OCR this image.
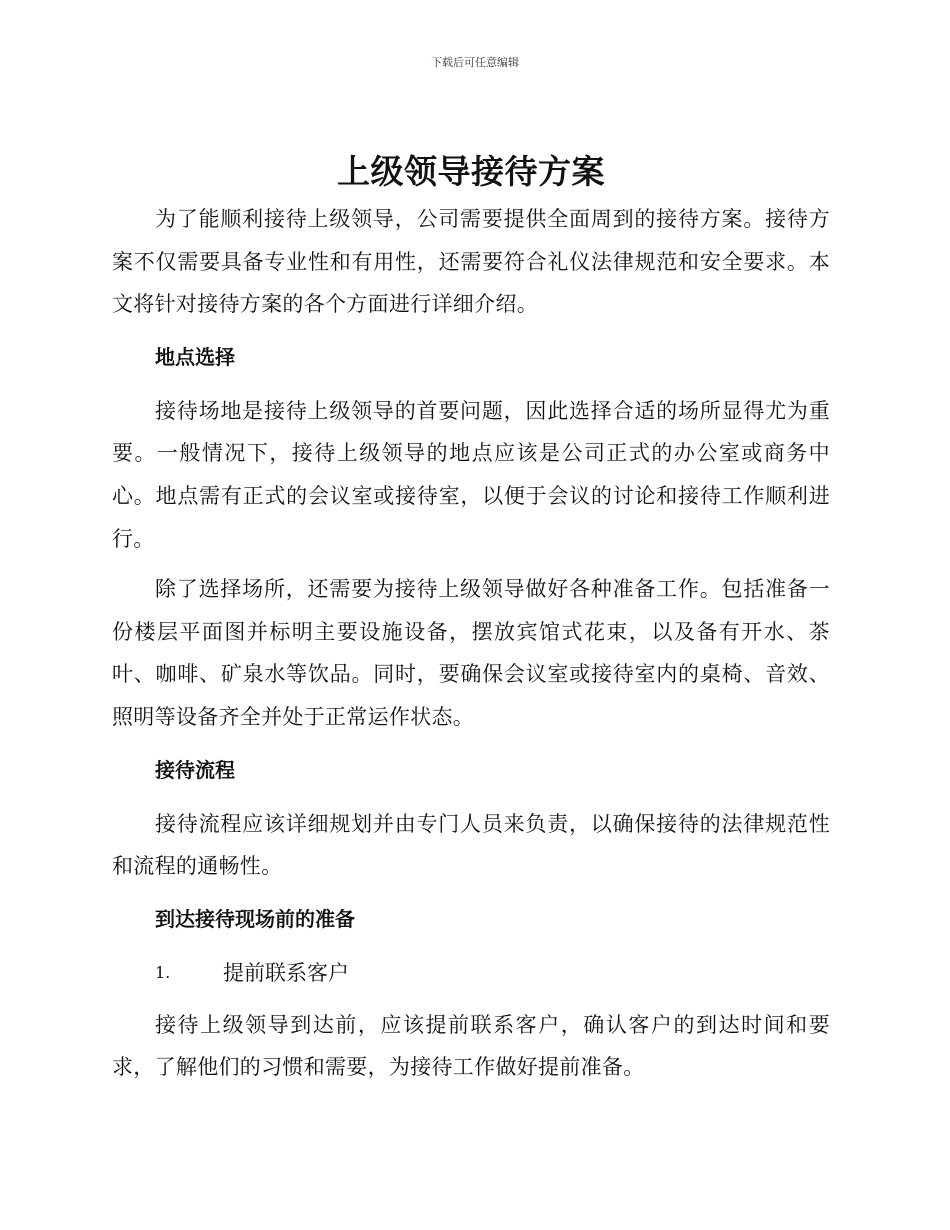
下载后可任意编辑
上级领导接待方案

为了能顺利接待上级领导，公司需要提供全面周到的接待方案。接待方案不仅需要具备专业性和有用性，还需要符合礼仪法律规范和安全要求。本文将针对接待方案的各个方面进行详细介绍。

地点选择

接待场地是接待上级领导的首要问题，因此选择合适的场所显得尤为重要。一般情况下，接待上级领导的地点应该是公司正式的办公室或商务中心。地点需有正式的会议室或接待室，以便于会议的讨论和接待工作顺利进行。

除了选择场所，还需要为接待上级领导做好各种准备工作。包括准备一份楼层平面图并标明主要设施设备，摆放宾馆式花束，以及备有开水、茶叶、咖啡、矿泉水等饮品。同时，要确保会议室或接待室内的桌椅、音效、照明等设备齐全并处于正常运作状态。

接待流程

接待流程应该详细规划并由专门人员来负责，以确保接待的法律规范性和流程的通畅性。

到达接待现场前的准备
1.	提前联系客户

接待上级领导到达前，应该提前联系客户，确认客户的到达时间和要求，了解他们的习惯和需要，为接待工作做好提前准备。
